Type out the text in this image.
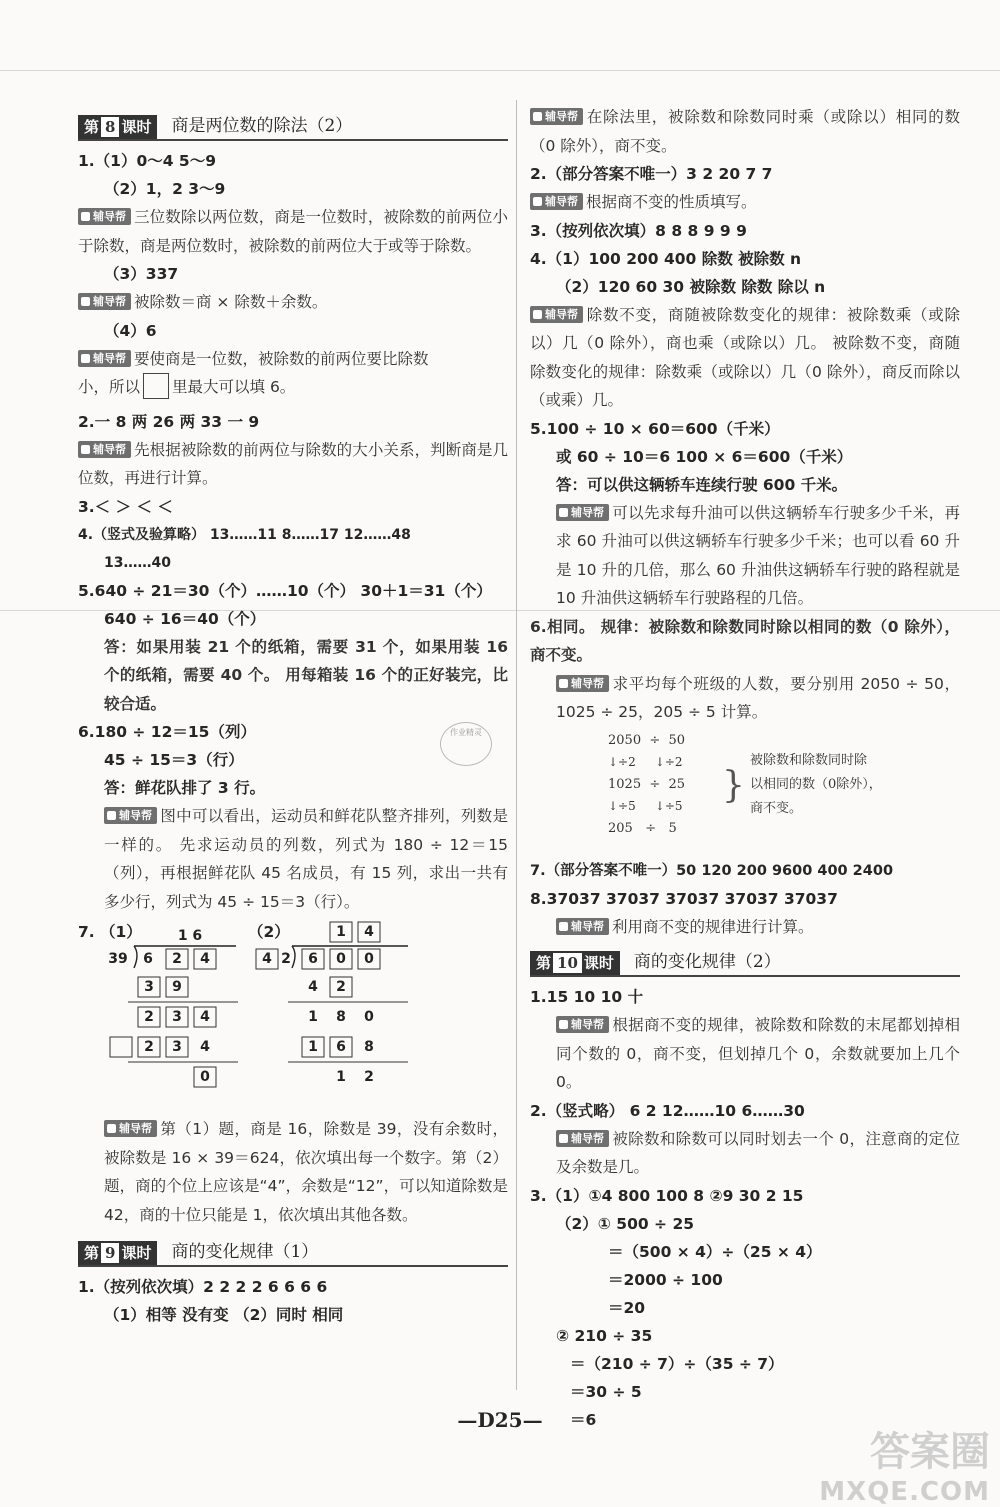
第 8 课时	商是两位数的除法（2）
1.（1）0～4 5～9
（2）1，2 3～9
辅导帮 三位数除以两位数，商是一位数时，被除数的前两位小于除数，商是两位数时，被除数的前两位大于或等于除数。
（3）337
辅导帮 被除数＝商 × 除数＋余数。
（4）6
辅导帮 要使商是一位数，被除数的前两位要比除数
小，所以 里最大可以填 6。
2.一 8 两 26 两 33 一 9
辅导帮 先根据被除数的前两位与除数的大小关系，判断商是几位数，再进行计算。
3.＜ ＞ ＜ ＜
4.（竖式及验算略） 13……11 8……17 12……48
13……40
5.640 ÷ 21＝30（个）……10（个） 30＋1＝31（个）
640 ÷ 16＝40（个）
答：如果用装 21 个的纸箱，需要 31 个，如果用装 16 个的纸箱，需要 40 个。 用每箱装 16 个的正好装完，比较合适。
6.180 ÷ 12＝15（列）
45 ÷ 15＝3（行）
答：鲜花队排了 3 行。
辅导帮 图中可以看出，运动员和鲜花队整齐排列，列数是一样的。 先求运动员的列数，列式为 180 ÷ 12＝15（列），再根据鲜花队 45 名成员，有 15 列，求出一共有多少行，列式为 45 ÷ 15＝3（行）。
7. （1）	（2）
1 6
39 6 2 4
3 9
2 3 4
2 3 4
0
1 4
4 2 6 0 0
4 2
1 8 0
1 6 8
1 2
辅导帮 第（1）题，商是 16，除数是 39，没有余数时，被除数是 16 × 39＝624，依次填出每一个数字。第（2）题，商的个位上应该是“4”，余数是“12”，可以知道除数是 42，商的十位只能是 1，依次填出其他各数。
第 9 课时	商的变化规律（1）
1.（按列依次填）2 2 2 2 6 6 6 6
（1）相等 没有变 （2）同时 相同
作业精灵
辅导帮 在除法里，被除数和除数同时乘（或除以）相同的数（0 除外），商不变。
2.（部分答案不唯一）3 2 20 7 7
辅导帮 根据商不变的性质填写。
3.（按列依次填）8 8 8 9 9 9
4.（1）100 200 400 除数 被除数 n
（2）120 60 30 被除数 除数 除以 n
辅导帮 除数不变，商随被除数变化的规律：被除数乘（或除以）几（0 除外），商也乘（或除以）几。 被除数不变，商随除数变化的规律：除数乘（或除以）几（0 除外），商反而除以（或乘）几。
5.100 ÷ 10 × 60＝600（千米）
或 60 ÷ 10＝6 100 × 6＝600（千米）
答：可以供这辆轿车连续行驶 600 千米。
辅导帮 可以先求每升油可以供这辆轿车行驶多少千米，再求 60 升油可以供这辆轿车行驶多少千米；也可以看 60 升是 10 升的几倍，那么 60 升油供这辆轿车行驶的路程就是 10 升油供这辆轿车行驶路程的几倍。
6.相同。 规律：被除数和除数同时除以相同的数（0 除外），商不变。
辅导帮 求平均每个班级的人数，要分别用 2050 ÷ 50，1025 ÷ 25，205 ÷ 5 计算。
2050  ÷  50
↓÷2     ↓÷2
1025  ÷  25
↓÷5     ↓÷5
205   ÷   5
}
被除数和除数同时除
以相同的数（0除外），
商不变。
7.（部分答案不唯一）50 120 200 9600 400 2400
8.37037 37037 37037 37037 37037
辅导帮 利用商不变的规律进行计算。
第 10 课时	商的变化规律（2）
1.15 10 10 十
辅导帮 根据商不变的规律，被除数和除数的末尾都划掉相同个数的 0，商不变，但划掉几个 0，余数就要加上几个 0。
2.（竖式略） 6 2 12……10 6……30
辅导帮 被除数和除数可以同时划去一个 0，注意商的定位及余数是几。
3.（1）①4 800 100 8 ②9 30 2 15
（2）① 500 ÷ 25
＝（500 × 4）÷（25 × 4）
＝2000 ÷ 100
＝20
② 210 ÷ 35
＝（210 ÷ 7）÷（35 ÷ 7）
＝30 ÷ 5
＝6
—D25—
答案圈
MXQE.COM
